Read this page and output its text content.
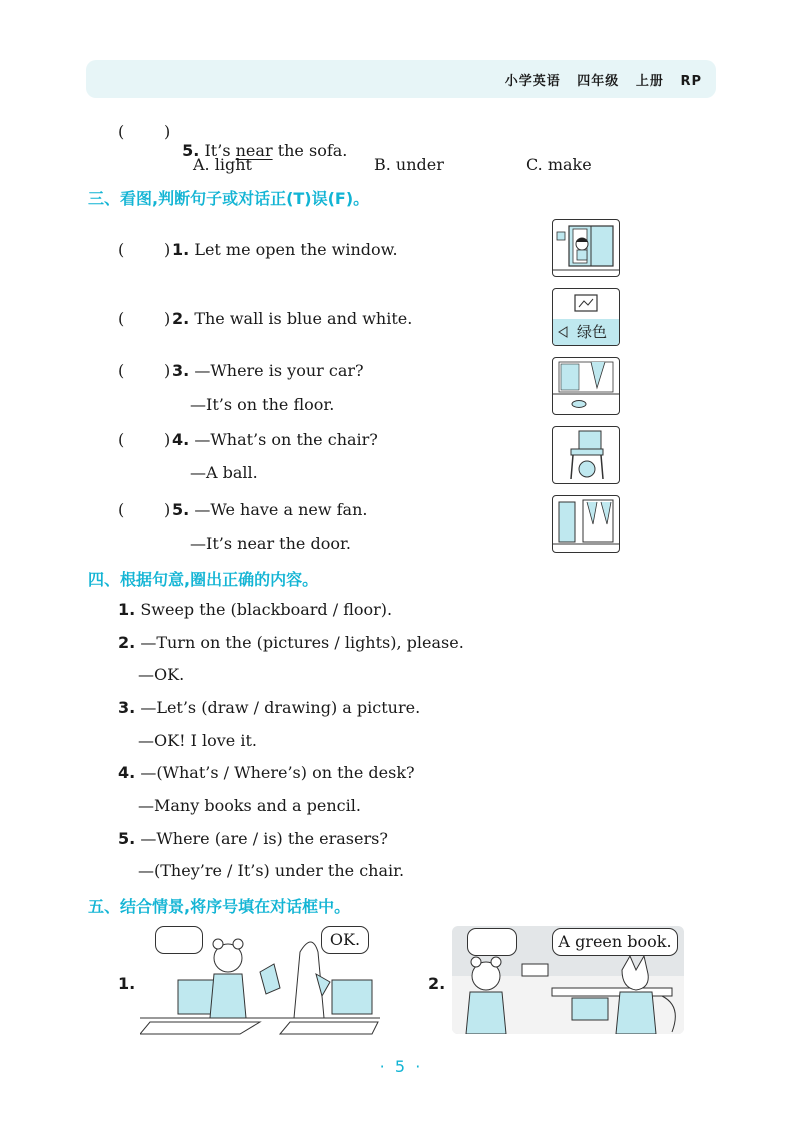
小学英语   四年级   上册   RP
( )

5. It’s near the sofa.

A. light	B. under	C. make
三、看图,判断句子或对话正(T)误(F)。
( ) 1. Let me open the window.
( ) 2. The wall is blue and white.
( ) 3. —Where is your car?
—It’s on the floor.
( ) 4. —What’s on the chair?
—A ball.
( ) 5. —We have a new fan.
—It’s near the door.
绿色
四、根据句意,圈出正确的内容。
1. Sweep the (blackboard / floor).
2. —Turn on the (pictures / lights), please.
—OK.
3. —Let’s (draw / drawing) a picture.
—OK! I love it.
4. —(What’s / Where’s) on the desk?
—Many books and a pencil.
5. —Where (are / is) the erasers?
—(They’re / It’s) under the chair.
五、结合情景,将序号填在对话框中。
1.
OK.
2.
A green book.
·  5  ·
